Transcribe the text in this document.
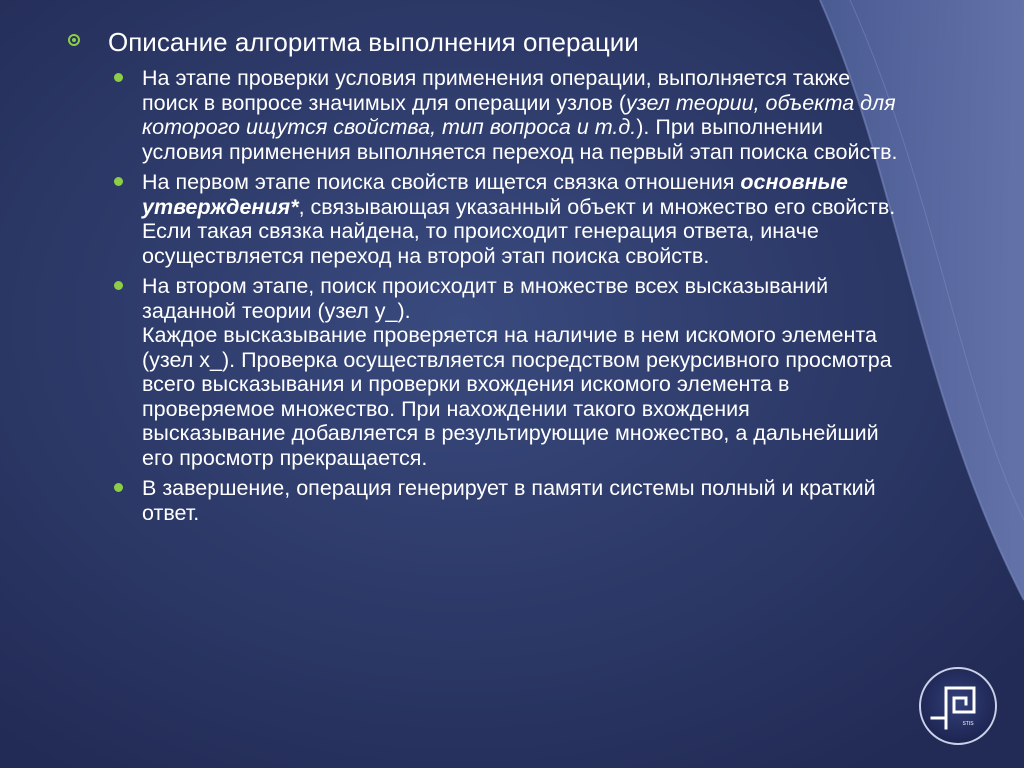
Описание алгоритма выполнения операции
На этапе проверки условия применения операции, выполняется также поиск в вопросе значимых для операции узлов (узел теории, объекта для которого ищутся свойства, тип вопроса и т.д.). При выполнении условия применения выполняется переход на первый этап поиска свойств.
На первом этапе поиска свойств ищется связка отношения основные утверждения*, связывающая указанный объект и множество его свойств. Если такая связка найдена, то происходит генерация ответа, иначе осуществляется переход на второй этап поиска свойств.
На втором этапе, поиск происходит в множестве всех высказываний заданной теории (узел y_).
Каждое высказывание проверяется на наличие в нем искомого элемента (узел x_). Проверка осуществляется посредством рекурсивного просмотра всего высказывания и проверки вхождения искомого элемента в проверяемое множество. При нахождении такого вхождения высказывание добавляется в результирующие множество, а дальнейший его просмотр прекращается.
В завершение, операция генерирует в памяти системы полный и краткий ответ.
STIS
